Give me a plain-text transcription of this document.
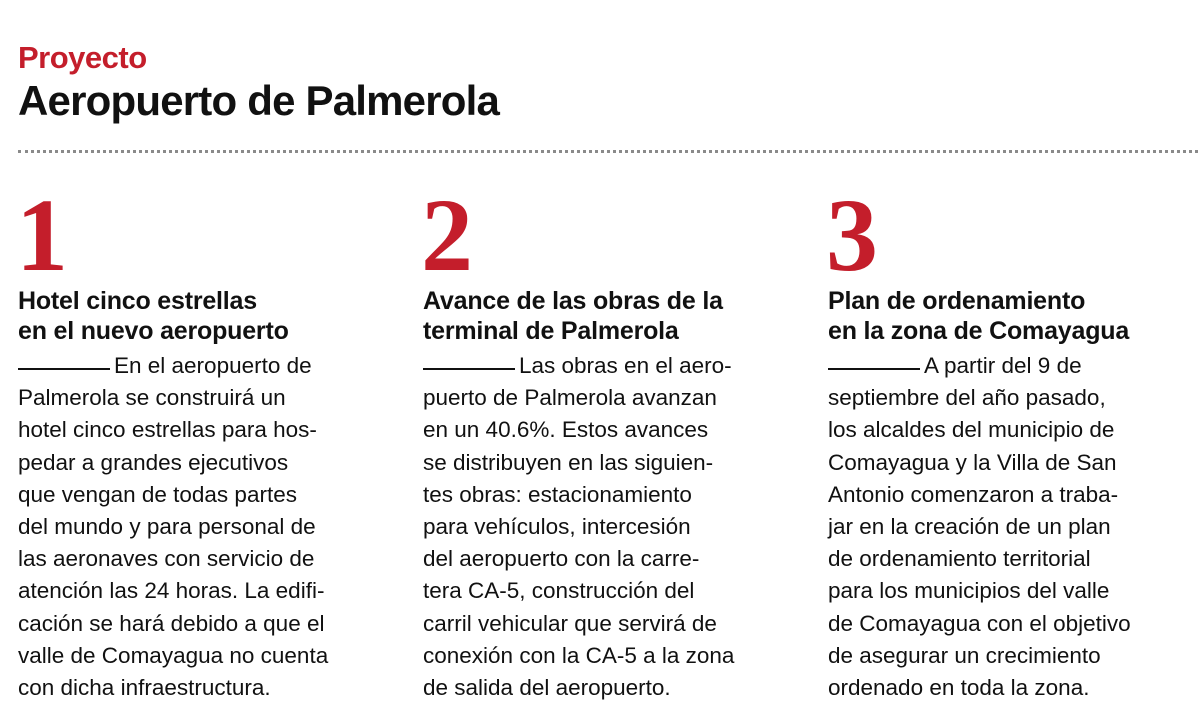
Proyecto
Aeropuerto de Palmerola
1
Hotel cinco estrellas
en el nuevo aeropuerto
En el aeropuerto de
Palmerola se construirá un
hotel cinco estrellas para hos-
pedar a grandes ejecutivos
que vengan de todas partes
del mundo y para personal de
las aeronaves con servicio de
atención las 24 horas. La edifi-
cación se hará debido a que el
valle de Comayagua no cuenta
con dicha infraestructura.
2
Avance de las obras de la
terminal de Palmerola
Las obras en el aero-
puerto de Palmerola avanzan
en un 40.6%. Estos avances
se distribuyen en las siguien-
tes obras: estacionamiento
para vehículos, intercesión
del aeropuerto con la carre-
tera CA-5, construcción del
carril vehicular que servirá de
conexión con la CA-5 a la zona
de salida del aeropuerto.
3
Plan de ordenamiento
en la zona de Comayagua
A partir del 9 de
septiembre del año pasado,
los alcaldes del municipio de
Comayagua y la Villa de San
Antonio comenzaron a traba-
jar en la creación de un plan
de ordenamiento territorial
para los municipios del valle
de Comayagua con el objetivo
de asegurar un crecimiento
ordenado en toda la zona.
